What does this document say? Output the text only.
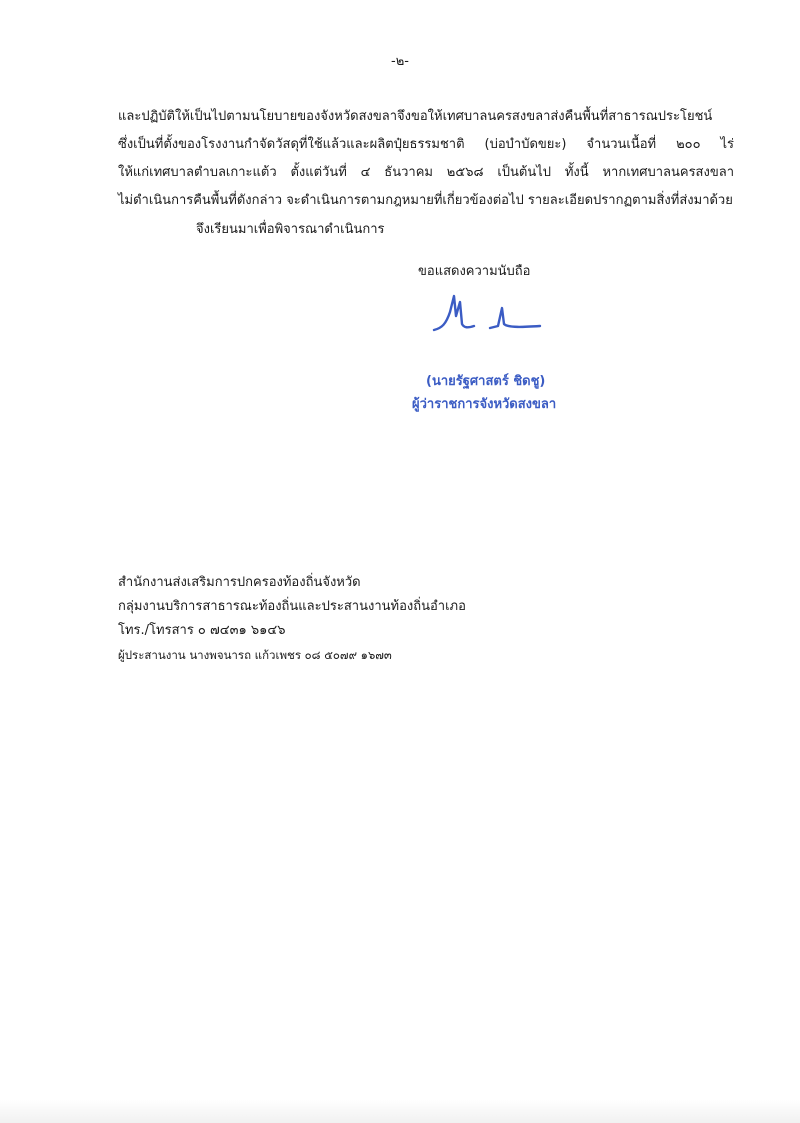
-๒-
และปฏิบัติให้เป็นไปตามนโยบายของจังหวัดสงขลาจึงขอให้เทศบาลนครสงขลาส่งคืนพื้นที่สาธารณประโยชน์
ซึ่งเป็นที่ตั้งของโรงงานกำจัดวัสดุที่ใช้แล้วและผลิตปุ๋ยธรรมชาติ (บ่อบำบัดขยะ) จำนวนเนื้อที่ ๒๐๐ ไร่
ให้แก่เทศบาลตำบลเกาะแต้ว ตั้งแต่วันที่ ๔ ธันวาคม ๒๕๖๘ เป็นต้นไป ทั้งนี้ หากเทศบาลนครสงขลา
ไม่ดำเนินการคืนพื้นที่ดังกล่าว จะดำเนินการตามกฎหมายที่เกี่ยวข้องต่อไป รายละเอียดปรากฏตามสิ่งที่ส่งมาด้วย
จึงเรียนมาเพื่อพิจารณาดำเนินการ
ขอแสดงความนับถือ
(นายรัฐศาสตร์ ชิดชู)
ผู้ว่าราชการจังหวัดสงขลา
สำนักงานส่งเสริมการปกครองท้องถิ่นจังหวัด
กลุ่มงานบริการสาธารณะท้องถิ่นและประสานงานท้องถิ่นอำเภอ
โทร./โทรสาร ๐ ๗๔๓๑ ๖๑๔๖
ผู้ประสานงาน นางพจนารถ แก้วเพชร ๐๘ ๕๐๗๙ ๑๖๗๓
